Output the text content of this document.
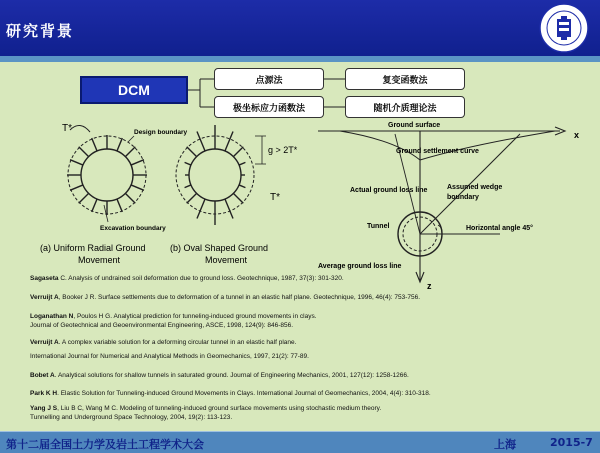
研究背景
DCM
点源法	复变函数法
极坐标应力函数法	随机介质理论法
T*	Design boundary
Excavation boundary
g > 2T*
T*
(a) Uniform Radial Ground
Movement
(b) Oval Shaped Ground
Movement
Ground surface
x
Ground settlement curve
Actual ground loss line	Assumed wedge
boundary
Tunnel	Horizontal angle 45°
Average ground loss line
z
Sagaseta C. Analysis of undrained soil deformation due to ground loss. Geotechnique, 1987, 37(3): 301-320.
Verruijt A, Booker J R. Surface settlements due to deformation of a tunnel in an elastic half plane. Geotechnique, 1996, 46(4): 753-756.
Loganathan N, Poulos H G. Analytical prediction for tunneling-induced ground movements in clays.
Journal of Geotechnical and Geoenvironmental Engineering, ASCE, 1998, 124(9): 846-856.
Verruijt A. A complex variable solution for a deforming circular tunnel in an elastic half plane.
International Journal for Numerical and Analytical Methods in Geomechanics, 1997, 21(2): 77-89.
Bobet A. Analytical solutions for shallow tunnels in saturated ground. Journal of Engineering Mechanics, 2001, 127(12): 1258-1266.
Park K H. Elastic Solution for Tunneling-induced Ground Movements in Clays. International Journal of Geomechanics, 2004, 4(4): 310-318.
Yang J S, Liu B C, Wang M C. Modeling of tunneling-induced ground surface movements using stochastic medium theory.
Tunnelling and Underground Space Technology, 2004, 19(2): 113-123.
第十二届全国土力学及岩土工程学术大会	上海	2015-7
